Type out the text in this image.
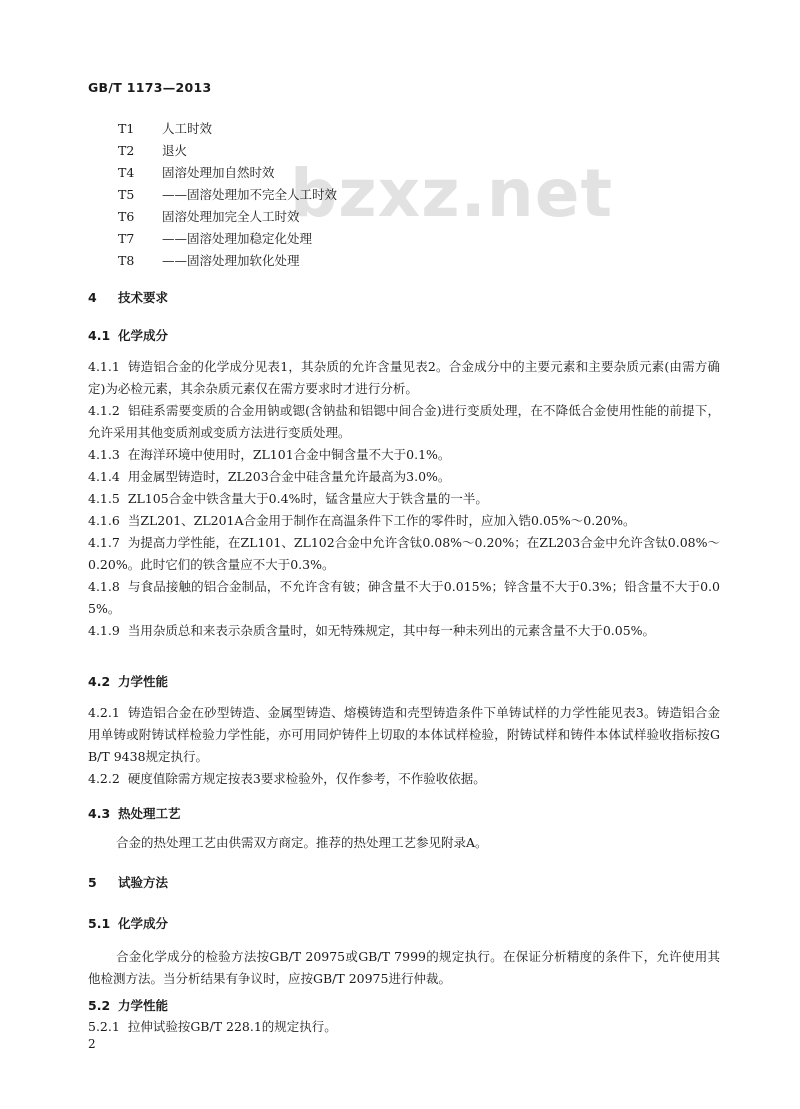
GB/T 1173—2013
bzxz.net
T1 人工时效
T2 退火
T4 固溶处理加自然时效
T5 ——固溶处理加不完全人工时效
T6 固溶处理加完全人工时效
T7 ——固溶处理加稳定化处理
T8 ——固溶处理加软化处理
4 技术要求
4.1 化学成分
4.1.1 铸造铝合金的化学成分见表1，其杂质的允许含量见表2。合金成分中的主要元素和主要杂质元素(由需方确定)为必检元素，其余杂质元素仅在需方要求时才进行分析。
4.1.2 铝硅系需要变质的合金用钠或锶(含钠盐和铝锶中间合金)进行变质处理，在不降低合金使用性能的前提下，允许采用其他变质剂或变质方法进行变质处理。
4.1.3 在海洋环境中使用时，ZL101合金中铜含量不大于0.1%。
4.1.4 用金属型铸造时，ZL203合金中硅含量允许最高为3.0%。
4.1.5 ZL105合金中铁含量大于0.4%时，锰含量应大于铁含量的一半。
4.1.6 当ZL201、ZL201A合金用于制作在高温条件下工作的零件时，应加入锆0.05%～0.20%。
4.1.7 为提高力学性能，在ZL101、ZL102合金中允许含钛0.08%～0.20%；在ZL203合金中允许含钛0.08%～0.20%。此时它们的铁含量应不大于0.3%。
4.1.8 与食品接触的铝合金制品，不允许含有铍；砷含量不大于0.015%；锌含量不大于0.3%；铅含量不大于0.05%。
4.1.9 当用杂质总和来表示杂质含量时，如无特殊规定，其中每一种未列出的元素含量不大于0.05%。
4.2 力学性能
4.2.1 铸造铝合金在砂型铸造、金属型铸造、熔模铸造和壳型铸造条件下单铸试样的力学性能见表3。铸造铝合金用单铸或附铸试样检验力学性能，亦可用同炉铸件上切取的本体试样检验，附铸试样和铸件本体试样验收指标按GB/T 9438规定执行。
4.2.2 硬度值除需方规定按表3要求检验外，仅作参考，不作验收依据。
4.3 热处理工艺
合金的热处理工艺由供需双方商定。推荐的热处理工艺参见附录A。
5 试验方法
5.1 化学成分
合金化学成分的检验方法按GB/T 20975或GB/T 7999的规定执行。在保证分析精度的条件下，允许使用其他检测方法。当分析结果有争议时，应按GB/T 20975进行仲裁。
5.2 力学性能
5.2.1 拉伸试验按GB/T 228.1的规定执行。
2
